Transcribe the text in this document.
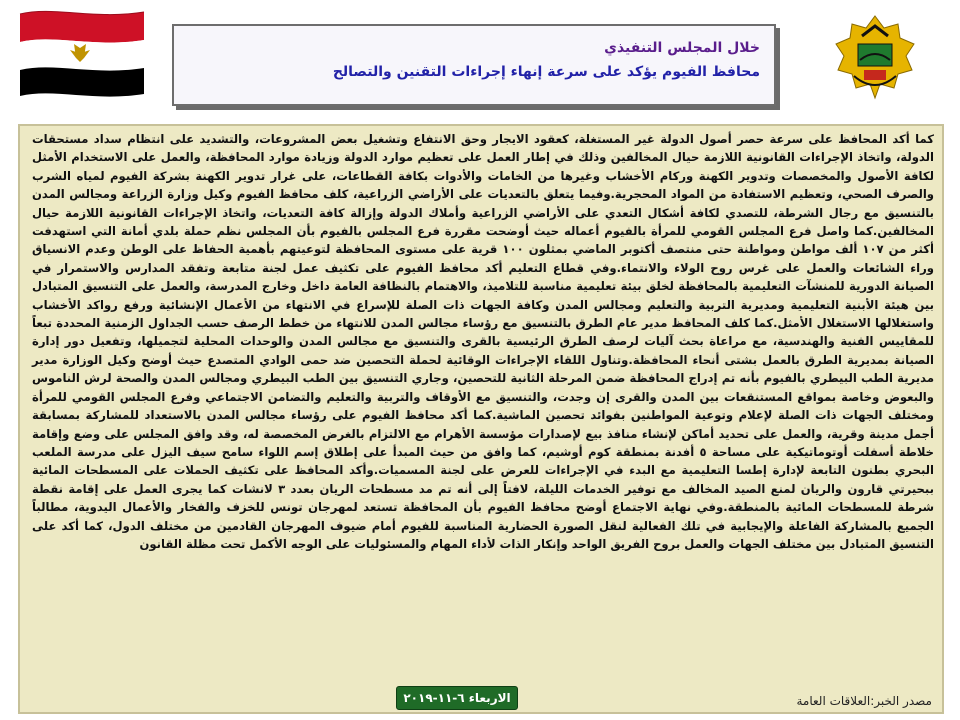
خلال المجلس التنفيذي
محافظ الفيوم يؤكد على سرعة إنهاء إجراءات التقنين والتصالح
كما أكد المحافظ على سرعة حصر أصول الدولة غير المستغلة، كعقود الايجار وحق الانتفاع وتشغيل بعض المشروعات، والتشديد على انتظام سداد مستحقات الدولة، واتخاذ الإجراءات القانونية اللازمة حيال المخالفين وذلك في إطار العمل على تعظيم موارد الدولة وزيادة موارد المحافظة، والعمل على الاستخدام الأمثل لكافة الأصول والمخصصات وتدوير الكهنة وركام الأخشاب وغيرها من الخامات والأدوات بكافة القطاعات، على غرار تدوير الكهنة بشركة الفيوم لمياه الشرب والصرف الصحي، وتعظيم الاستفادة من المواد المحجرية.وفيما يتعلق بالتعديات على الأراضي الزراعية، كلف محافظ الفيوم وكيل وزارة الزراعة ومجالس المدن بالتنسيق مع رجال الشرطة، للتصدي لكافة أشكال التعدي على الأراضي الزراعية وأملاك الدولة وإزالة كافة التعديات، واتخاذ الإجراءات القانونية اللازمة حيال المخالفين.كما واصل فرع المجلس القومي للمرأة بالفيوم أعماله حيث أوضحت مقررة فرع المجلس بالفيوم بأن المجلس نظم حملة بلدي أمانة التي استهدفت أكثر من ١٠٧ ألف مواطن ومواطنة حتى منتصف أكتوبر الماضي بمثلون ١٠٠ قرية على مستوى المحافظة لتوعيتهم بأهمية الحفاظ على الوطن وعدم الانسياق وراء الشائعات والعمل على غرس روح الولاء والانتماء.وفي قطاع التعليم أكد محافظ الفيوم على تكثيف عمل لجنة متابعة وتفقد المدارس والاستمرار في الصيانة الدورية للمنشآت التعليمية بالمحافظة لخلق بيئة تعليمية مناسبة للتلاميذ، والاهتمام بالنظافة العامة داخل وخارج المدرسة، والعمل على التنسيق المتبادل بين هيئة الأبنية التعليمية ومديرية التربية والتعليم ومجالس المدن وكافة الجهات ذات الصلة للإسراع في الانتهاء من الأعمال الإنشائية ورفع رواكد الأخشاب واستغلالها الاستغلال الأمثل.كما كلف المحافظ مدير عام الطرق بالتنسيق مع رؤساء مجالس المدن للانتهاء من خطط الرصف حسب الجداول الزمنية المحددة تبعاً للمقاييس الفنية والهندسية، مع مراعاة بحث آليات لرصف الطرق الرئيسية بالقرى والتنسيق مع مجالس المدن والوحدات المحلية لتجميلها، وتفعيل دور إدارة الصيانة بمديرية الطرق بالعمل بشتى أنحاء المحافظة.وتناول اللقاء الإجراءات الوقائية لحملة التحصين ضد حمى الوادي المتصدع حيث أوضح وكيل الوزارة مدير مديرية الطب البيطري بالفيوم بأنه تم إدراج المحافظة ضمن المرحلة الثانية للتحصين، وجاري التنسيق بين الطب البيطري ومجالس المدن والصحة لرش الناموس والبعوض وخاصة بمواقع المستنقعات بين المدن والقرى إن وجدت، والتنسيق مع الأوقاف والتربية والتعليم والتضامن الاجتماعي وفرع المجلس القومي للمرأة ومختلف الجهات ذات الصلة لإعلام وتوعية المواطنين بفوائد تحصين الماشية.كما أكد محافظ الفيوم على رؤساء مجالس المدن بالاستعداد للمشاركة بمسابقة أجمل مدينة وقرية، والعمل على تحديد أماكن لإنشاء منافذ بيع لإصدارات مؤسسة الأهرام مع الالتزام بالغرض المخصصة له، وقد وافق المجلس على وضع وإقامة خلاطة أسفلت أوتوماتيكية على مساحة ٥ أفدنة بمنطقة كوم أوشيم، كما وافق من حيث المبدأ على إطلاق إسم اللواء سامح سيف اليزل على مدرسة الملعب البحري بطنون التابعة لإدارة إطسا التعليمية مع البدء في الإجراءات للعرض على لجنة المسميات.وأكد المحافظ على تكثيف الحملات على المسطحات المائية ببحيرتي قارون والريان لمنع الصيد المخالف مع توفير الخدمات الليلة، لافتاً إلى أنه تم مد مسطحات الريان بعدد ٣ لانشات كما يجرى العمل على إقامة نقطة شرطة للمسطحات المائية بالمنطقة.وفي نهاية الاجتماع أوضح محافظ الفيوم بأن المحافظة تستعد لمهرجان تونس للخزف والفخار والأعمال اليدوية، مطالباً الجميع بالمشاركة الفاعلة والإيجابية في تلك الفعالية لنقل الصورة الحضارية المناسبة للفيوم أمام ضيوف المهرجان القادمين من مختلف الدول، كما أكد على التنسيق المتبادل بين مختلف الجهات والعمل بروح الفريق الواحد وإنكار الذات لأداء المهام والمسئوليات على الوجه الأكمل تحت مظلة القانون
مصدر الخبر:العلاقات العامة
الاربعاء ٦-١١-٢٠١٩
